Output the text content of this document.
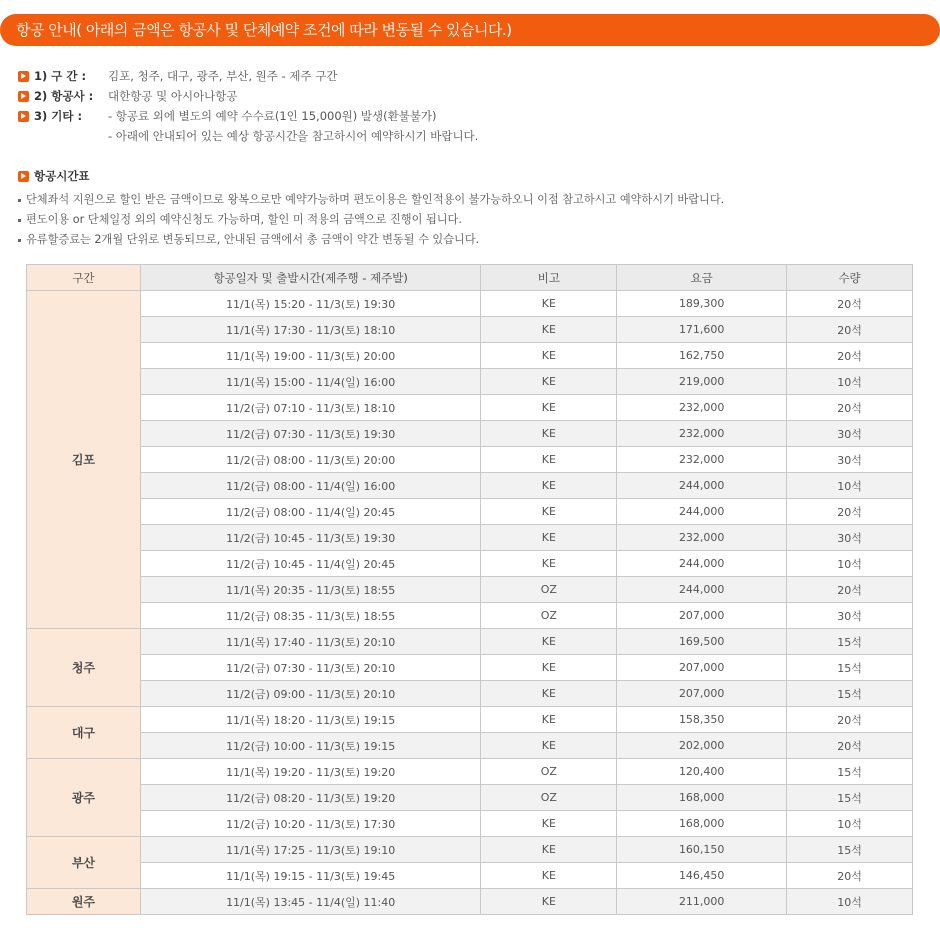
항공 안내( 아래의 금액은 항공사 및 단체예약 조건에 따라 변동될 수 있습니다.)
1) 구 간 :	김포, 청주, 대구, 광주, 부산, 원주 - 제주 구간
2) 항공사 :	대한항공 및 아시아나항공
3) 기타 :	- 항공료 외에 별도의 예약 수수료(1인 15,000원) 발생(환불불가)
- 아래에 안내되어 있는 예상 항공시간을 참고하시어 예약하시기 바랍니다.
항공시간표
단체좌석 지원으로 할인 받은 금액이므로 왕복으로만 예약가능하며 편도이용은 할인적용이 불가능하오니 이점 참고하시고 예약하시기 바랍니다.
편도이용 or 단체일정 외의 예약신청도 가능하며, 할인 미 적용의 금액으로 진행이 됩니다.
유류할증료는 2개월 단위로 변동되므로, 안내된 금액에서 총 금액이 약간 변동될 수 있습니다.
구간	항공일자 및 출발시간(제주행 - 제주발)	비고	요금	수량
김포	11/1(목) 15:20 - 11/3(토) 19:30	KE	189,300	20석
	11/1(목) 17:30 - 11/3(토) 18:10	KE	171,600	20석
	11/1(목) 19:00 - 11/3(토) 20:00	KE	162,750	20석
	11/1(목) 15:00 - 11/4(일) 16:00	KE	219,000	10석
	11/2(금) 07:10 - 11/3(토) 18:10	KE	232,000	20석
	11/2(금) 07:30 - 11/3(토) 19:30	KE	232,000	30석
	11/2(금) 08:00 - 11/3(토) 20:00	KE	232,000	30석
	11/2(금) 08:00 - 11/4(일) 16:00	KE	244,000	10석
	11/2(금) 08:00 - 11/4(일) 20:45	KE	244,000	20석
	11/2(금) 10:45 - 11/3(토) 19:30	KE	232,000	30석
	11/2(금) 10:45 - 11/4(일) 20:45	KE	244,000	10석
	11/1(목) 20:35 - 11/3(토) 18:55	OZ	244,000	20석
	11/2(금) 08:35 - 11/3(토) 18:55	OZ	207,000	30석
청주	11/1(목) 17:40 - 11/3(토) 20:10	KE	169,500	15석
	11/2(금) 07:30 - 11/3(토) 20:10	KE	207,000	15석
	11/2(금) 09:00 - 11/3(토) 20:10	KE	207,000	15석
대구	11/1(목) 18:20 - 11/3(토) 19:15	KE	158,350	20석
	11/2(금) 10:00 - 11/3(토) 19:15	KE	202,000	20석
광주	11/1(목) 19:20 - 11/3(토) 19:20	OZ	120,400	15석
	11/2(금) 08:20 - 11/3(토) 19:20	OZ	168,000	15석
	11/2(금) 10:20 - 11/3(토) 17:30	KE	168,000	10석
부산	11/1(목) 17:25 - 11/3(토) 19:10	KE	160,150	15석
	11/1(목) 19:15 - 11/3(토) 19:45	KE	146,450	20석
원주	11/1(목) 13:45 - 11/4(일) 11:40	KE	211,000	10석
